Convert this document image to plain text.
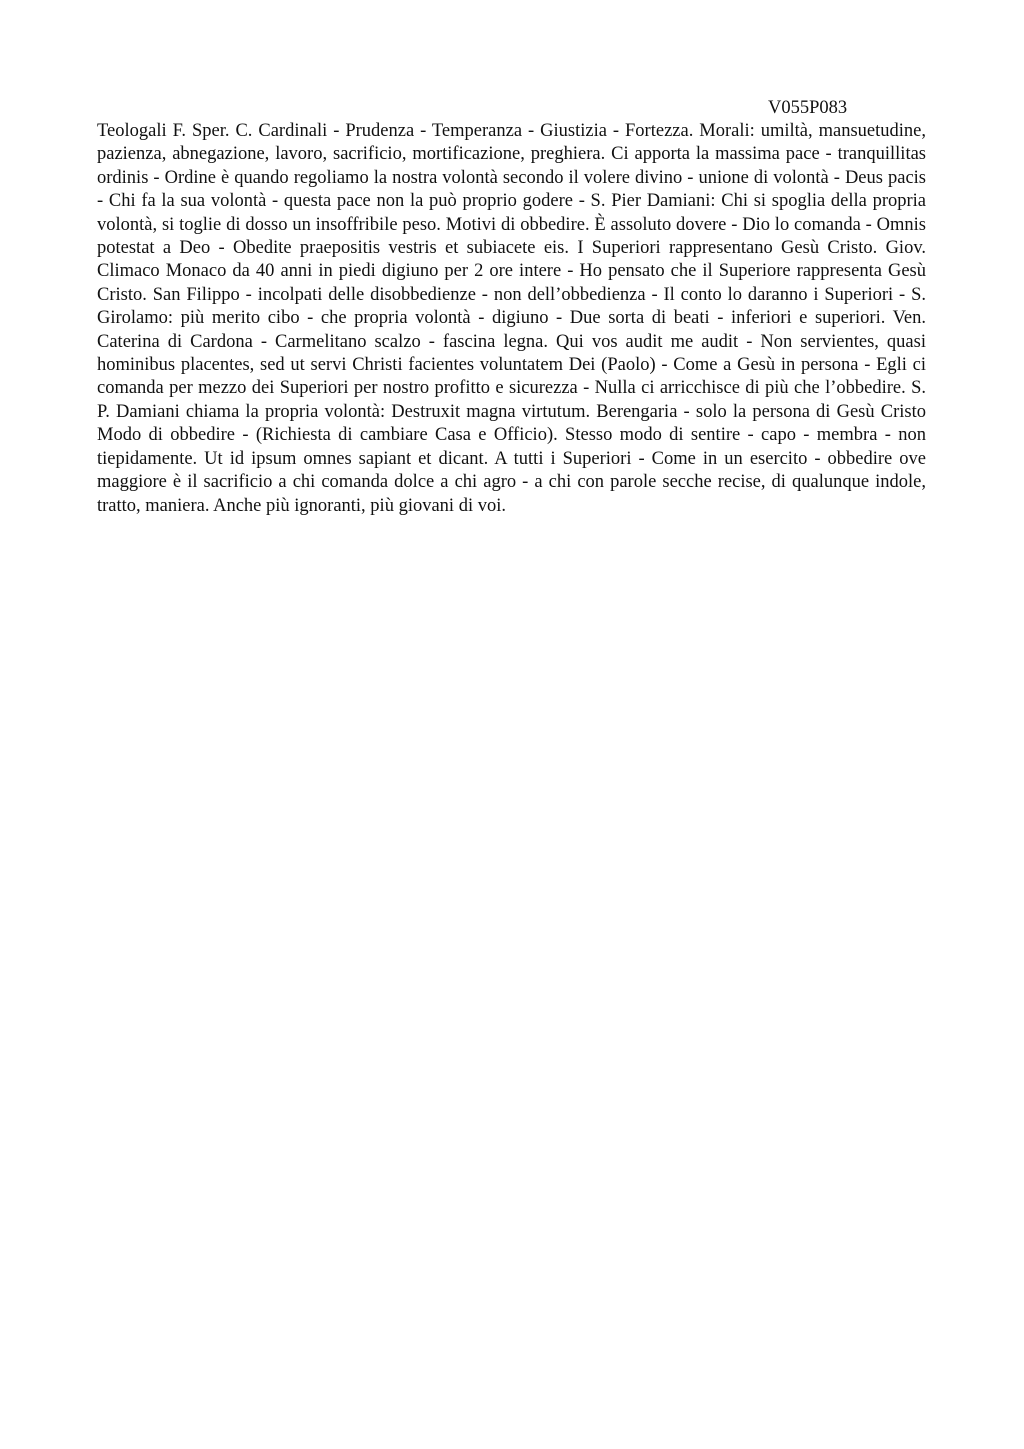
V055P083

Teologali F. Sper. C. Cardinali - Prudenza - Temperanza - Giustizia - Fortezza. Morali: umiltà, mansuetudine, pazienza, abnegazione, lavoro, sacrificio, mortificazione, preghiera. Ci apporta la massima pace - tranquillitas ordinis - Ordine è quando regoliamo la nostra volontà secondo il volere divino - unione di volontà - Deus pacis - Chi fa la sua volontà - questa pace non la può proprio godere - S. Pier Damiani: Chi si spoglia della propria volontà, si toglie di dosso un insoffribile peso. Motivi di obbedire. È assoluto dovere - Dio lo comanda - Omnis potestat a Deo - Obedite praepositis vestris et subiacete eis. I Superiori rappresentano Gesù Cristo. Giov. Climaco Monaco da 40 anni in piedi digiuno per 2 ore intere - Ho pensato che il Superiore rappresenta Gesù Cristo. San Filippo - incolpati delle disobbedienze - non dell’obbedienza - Il conto lo daranno i Superiori - S. Girolamo: più merito cibo - che propria volontà - digiuno - Due sorta di beati - inferiori e superiori. Ven. Caterina di Cardona - Carmelitano scalzo - fascina legna. Qui vos audit me audit - Non servientes, quasi hominibus placentes, sed ut servi Christi facientes voluntatem Dei (Paolo) - Come a Gesù in persona - Egli ci comanda per mezzo dei Superiori per nostro profitto e sicurezza - Nulla ci arricchisce di più che l’obbedire. S. P. Damiani chiama la propria volontà: Destruxit magna virtutum. Berengaria - solo la persona di Gesù Cristo Modo di obbedire - (Richiesta di cambiare Casa e Officio). Stesso modo di sentire - capo - membra - non tiepidamente. Ut id ipsum omnes sapiant et dicant. A tutti i Superiori - Come in un esercito - obbedire ove maggiore è il sacrificio a chi comanda dolce a chi agro - a chi con parole secche recise, di qualunque indole, tratto, maniera. Anche più ignoranti, più giovani di voi.
